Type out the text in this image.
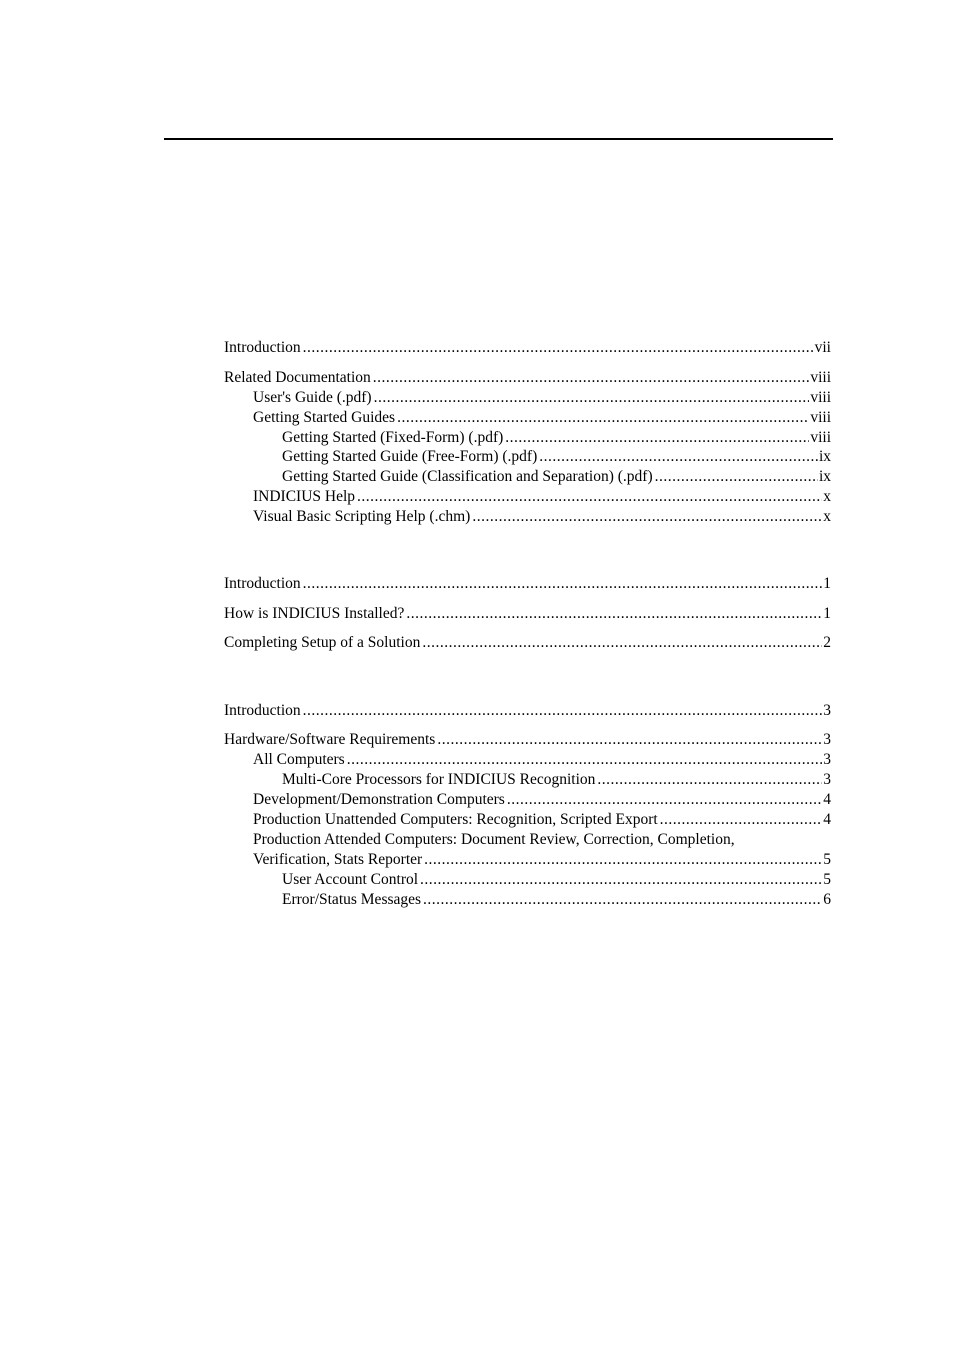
Introduction .....	vii
Related Documentation .....	viii
User's Guide (.pdf) .....	viii
Getting Started Guides .....	viii
Getting Started (Fixed-Form) (.pdf) .....	viii
Getting Started Guide (Free-Form) (.pdf) .....	ix
Getting Started Guide (Classification and Separation) (.pdf) .....	ix
INDICIUS Help .....	x
Visual Basic Scripting Help (.chm) .....	x
Introduction .....	1
How is INDICIUS Installed? .....	1
Completing Setup of a Solution .....	2
Introduction .....	3
Hardware/Software Requirements .....	3
All Computers .....	3
Multi-Core Processors for INDICIUS Recognition .....	3
Development/Demonstration Computers .....	4
Production Unattended Computers: Recognition, Scripted Export .....	4
Production Attended Computers: Document Review, Correction, Completion,
Verification, Stats Reporter .....	5
User Account Control .....	5
Error/Status Messages .....	6
